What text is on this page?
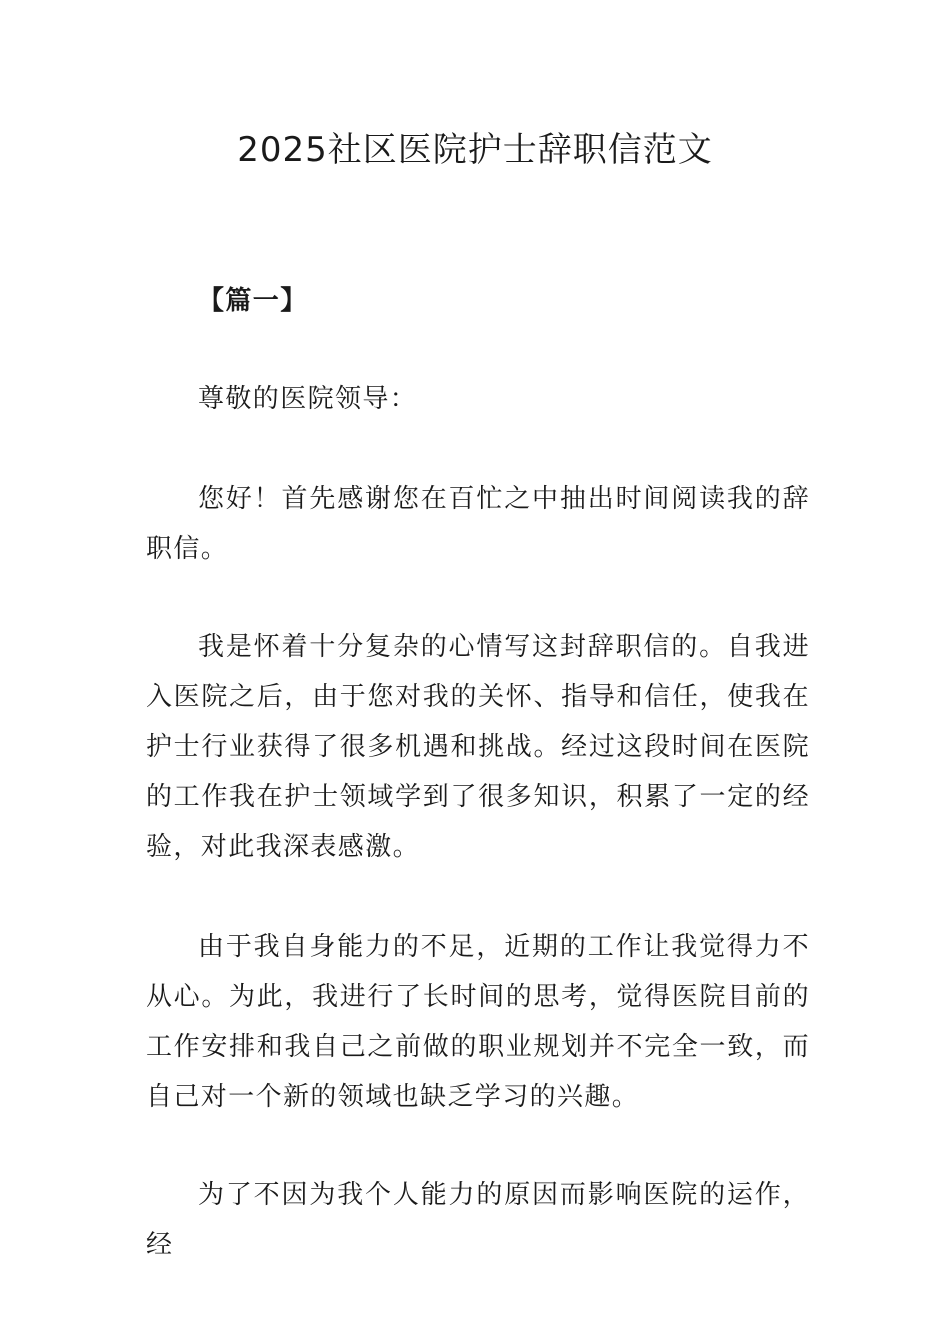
2025社区医院护士辞职信范文

【篇一】

尊敬的医院领导：

您好！首先感谢您在百忙之中抽出时间阅读我的辞职信。

我是怀着十分复杂的心情写这封辞职信的。自我进入医院之后，由于您对我的关怀、指导和信任，使我在护士行业获得了很多机遇和挑战。经过这段时间在医院的工作我在护士领域学到了很多知识，积累了一定的经验，对此我深表感激。

由于我自身能力的不足，近期的工作让我觉得力不从心。为此，我进行了长时间的思考，觉得医院目前的工作安排和我自己之前做的职业规划并不完全一致，而自己对一个新的领域也缺乏学习的兴趣。

为了不因为我个人能力的原因而影响医院的运作，经
